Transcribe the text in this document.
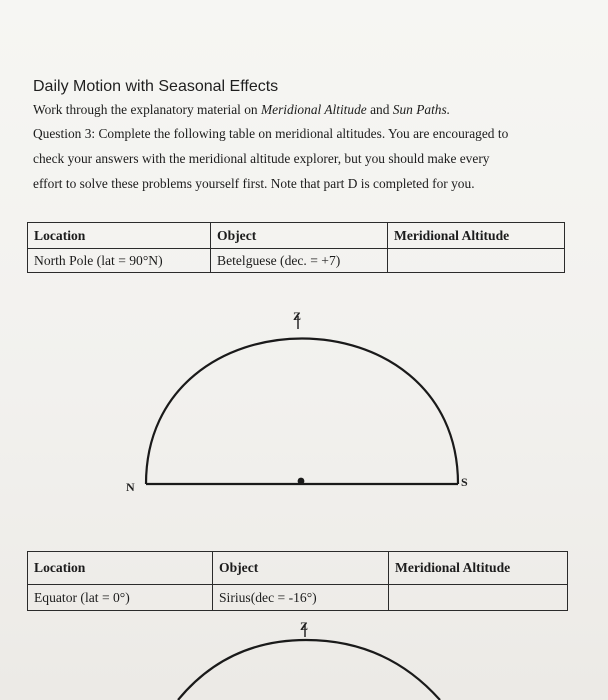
Daily Motion with Seasonal Effects
Work through the explanatory material on Meridional Altitude and Sun Paths.
Question 3: Complete the following table on meridional altitudes. You are encouraged to
check your answers with the meridional altitude explorer, but you should make every
effort to solve these problems yourself first. Note that part D is completed for you.
Location	Object	Meridional Altitude
North Pole (lat = 90°N)	Betelguese (dec. = +7)	
Z
N	S
Location	Object	Meridional Altitude
Equator (lat = 0°)	Sirius(dec = -16°)	
Z
